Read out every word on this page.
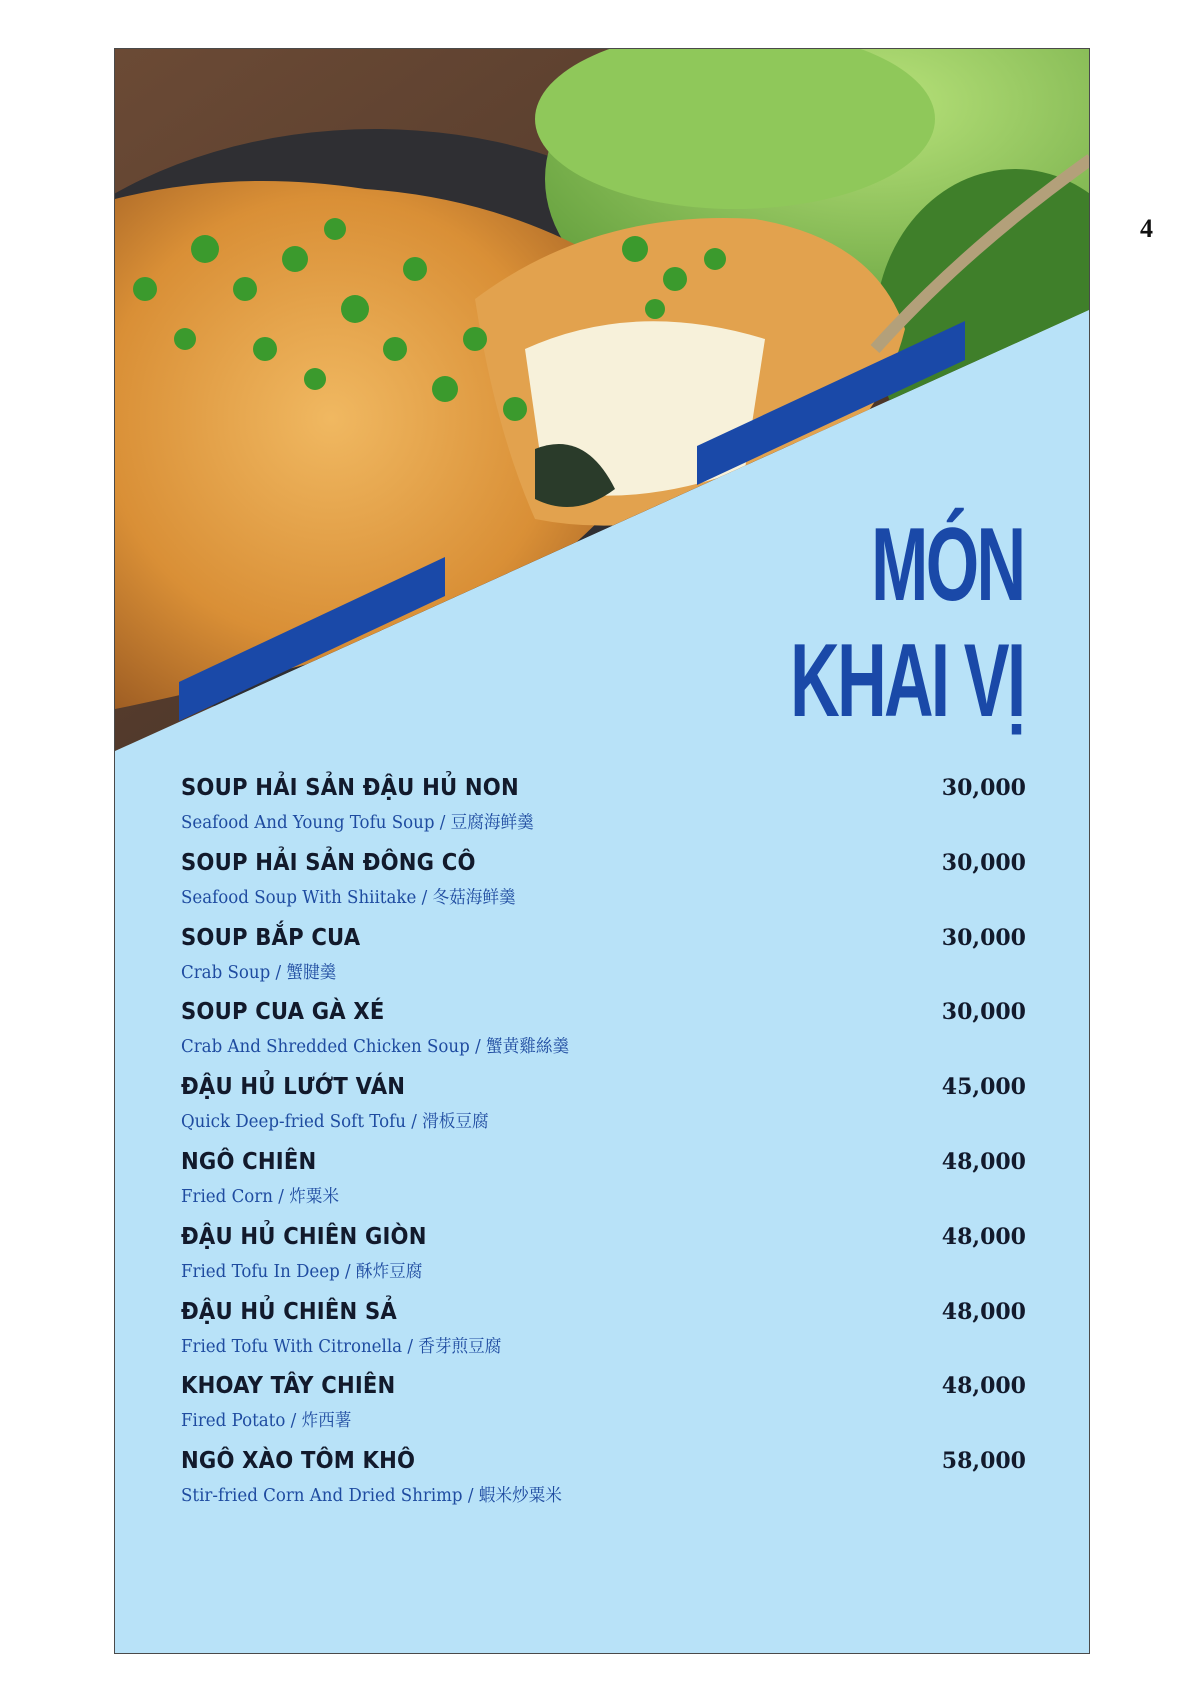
4
MÓN
KHAI VỊ
SOUP HẢI SẢN ĐẬU HỦ NON
Seafood And Young Tofu Soup / 豆腐海鲜羹
30,000
SOUP HẢI SẢN ĐÔNG CÔ
Seafood Soup With Shiitake / 冬菇海鲜羹
30,000
SOUP BẮP CUA
Crab Soup / 蟹腱羹
30,000
SOUP CUA GÀ XÉ
Crab And Shredded Chicken Soup / 蟹黄雞絲羹
30,000
ĐẬU HỦ LƯỚT VÁN
Quick Deep-fried Soft Tofu / 滑板豆腐
45,000
NGÔ CHIÊN
Fried Corn / 炸粟米
48,000
ĐẬU HỦ CHIÊN GIÒN
Fried Tofu In Deep / 酥炸豆腐
48,000
ĐẬU HỦ CHIÊN SẢ
Fried Tofu With Citronella / 香芽煎豆腐
48,000
KHOAY TÂY CHIÊN
Fired Potato / 炸西薯
48,000
NGÔ XÀO TÔM KHÔ
Stir-fried Corn And Dried Shrimp / 蝦米炒粟米
58,000
